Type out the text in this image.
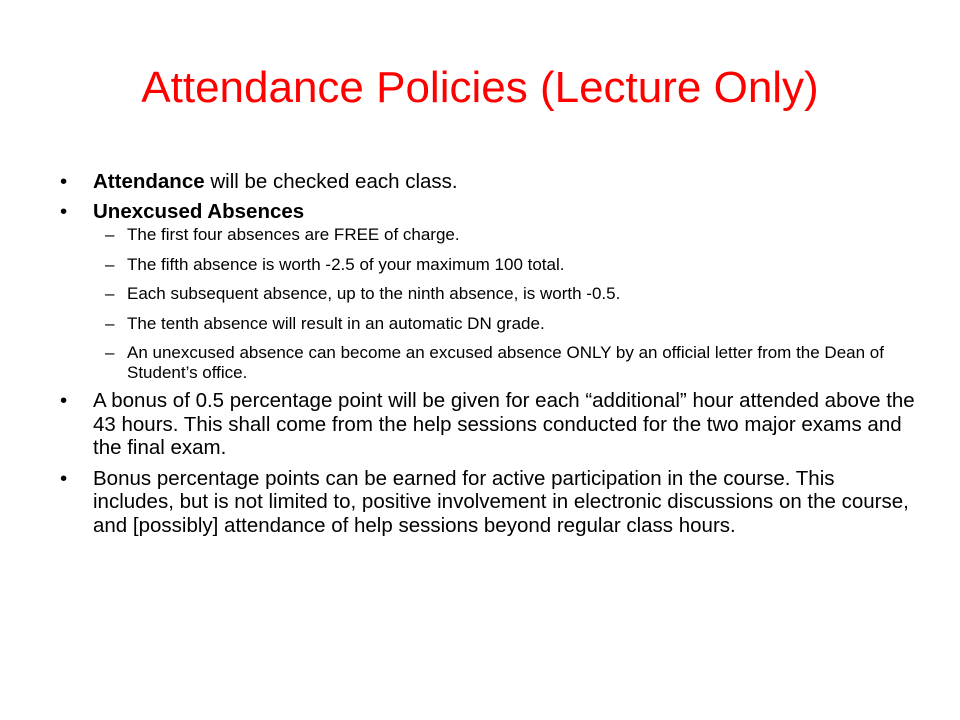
Attendance Policies (Lecture Only)
• Attendance will be checked each class.
• Unexcused Absences
– The first four absences are FREE of charge.
– The fifth absence is worth -2.5 of your maximum 100 total.
– Each subsequent absence, up to the ninth absence, is worth -0.5.
– The tenth absence will result in an automatic DN grade.
– An unexcused absence can become an excused absence ONLY by an official letter from the Dean of Student’s office.
• A bonus of 0.5 percentage point will be given for each “additional” hour attended above the 43 hours. This shall come from the help sessions conducted for the two major exams and the final exam.
• Bonus percentage points can be earned for active participation in the course. This includes, but is not limited to, positive involvement in electronic discussions on the course, and [possibly] attendance of help sessions beyond regular class hours.
